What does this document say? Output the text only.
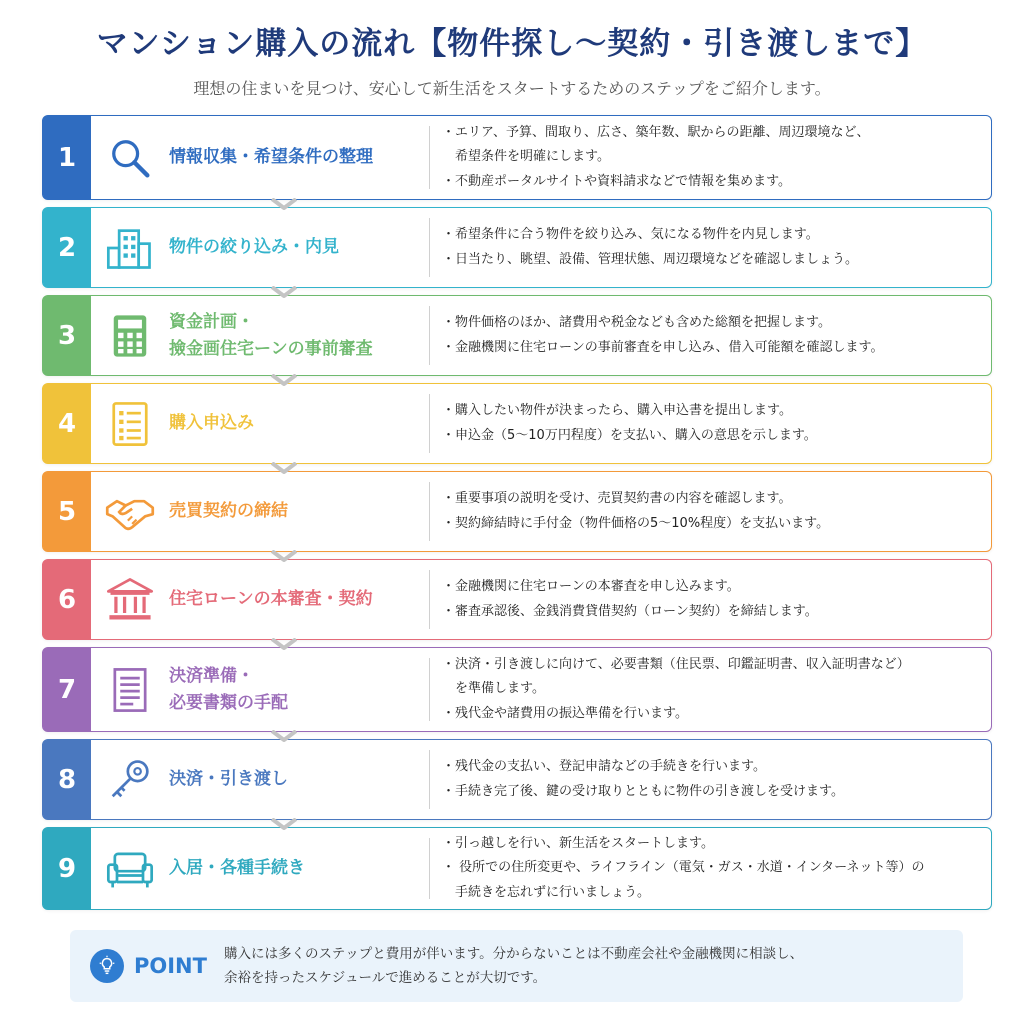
マンション購入の流れ【物件探し〜契約・引き渡しまで】
理想の住まいを見つけ、安心して新生活をスタートするためのステップをご紹介します。
1	情報収集・希望条件の整理
・エリア、予算、間取り、広さ、築年数、駅からの距離、周辺環境など、
　希望条件を明確にします。
・不動産ポータルサイトや資料請求などで情報を集めます。
2	物件の絞り込み・内見
・希望条件に合う物件を絞り込み、気になる物件を内見します。
・日当たり、眺望、設備、管理状態、周辺環境などを確認しましょう。
3	資金計画・
撿金画住宅ーンの事前審查
・物件価格のほか、諸費用や税金なども含めた総額を把握します。
・金融機関に住宅ローンの事前審査を申し込み、借入可能額を確認します。
4	購入申込み
・購入したい物件が決まったら、購入申込書を提出します。
・申込金（5〜10万円程度）を支払い、購入の意思を示します。
5	売買契約の締結
・重要事項の説明を受け、売買契約書の内容を確認します。
・契約締結時に手付金（物件価格の5〜10%程度）を支払います。
6	住宅ローンの本審査・契約
・金融機関に住宅ローンの本審査を申し込みます。
・審査承認後、金銭消費貸借契約（ローン契約）を締結します。
7	決済準備・
必要書類の手配
・決済・引き渡しに向けて、必要書類（住民票、印鑑証明書、収入証明書など）
　を準備します。
・残代金や諸費用の振込準備を行います。
8	決済・引き渡し
・残代金の支払い、登記申請などの手続きを行います。
・手続き完了後、鍵の受け取りとともに物件の引き渡しを受けます。
9	入居・各種手続き
・引っ越しを行い、新生活をスタートします。
・ 役所での住所変更や、ライフライン（電気・ガス・水道・インターネット等）の
　手続きを忘れずに行いましょう。
POINT
購入には多くのステップと費用が伴います。分からないことは不動産会社や金融機関に相談し、
余裕を持ったスケジュールで進めることが大切です。
